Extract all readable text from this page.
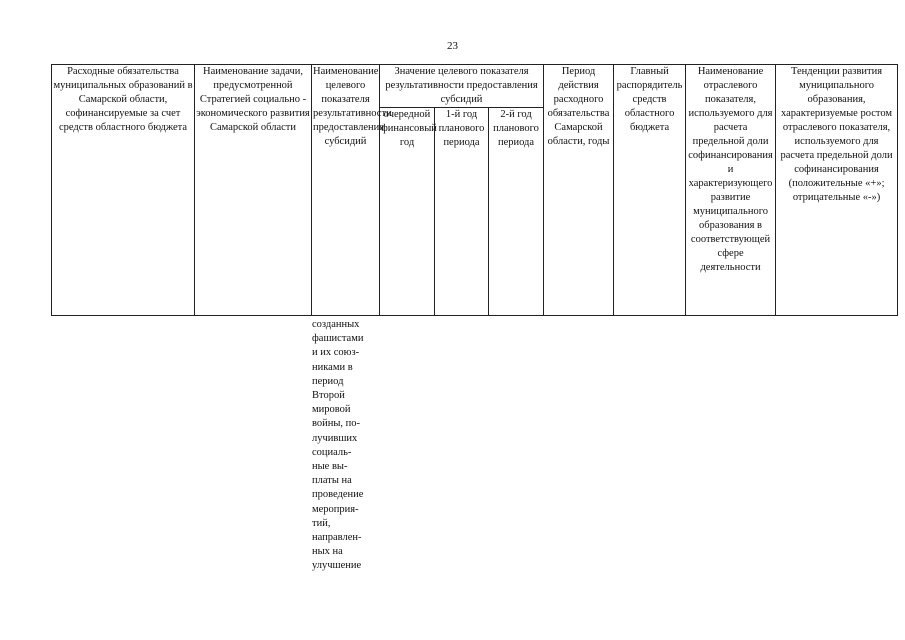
23
Расходные обязательства муниципальных образований в Самарской области, софинансируемые за счет средств областного бюджета	Наименование задачи, предусмотренной Стратегией социально - экономического развития Самарской области	Наименование целевого показателя результативности предоставления субсидий	Значение целевого показателя результативности предоставления субсидий			Период действия расходного обязательства Самарской области, годы	Главный распорядитель средств областного бюджета	Наименование отраслевого показателя, используемого для расчета предельной доли софинансирования и характеризующего развитие муниципального образования в соответствующей сфере деятельности	Тенденции развития муниципального образования, характеризуемые ростом отраслевого показателя, используемого для расчета предельной доли софинансирования (положительные «+»; отрицательные «-»)
			очередной финансовый год	1-й год планового периода	2-й год планового периода				
созданных
фашистами
и их союз-
никами в
период
Второй
мировой
войны, по-
лучивших
социаль-
ные вы-
платы на
проведение
мероприя-
тий,
направлен-
ных на
улучшение
